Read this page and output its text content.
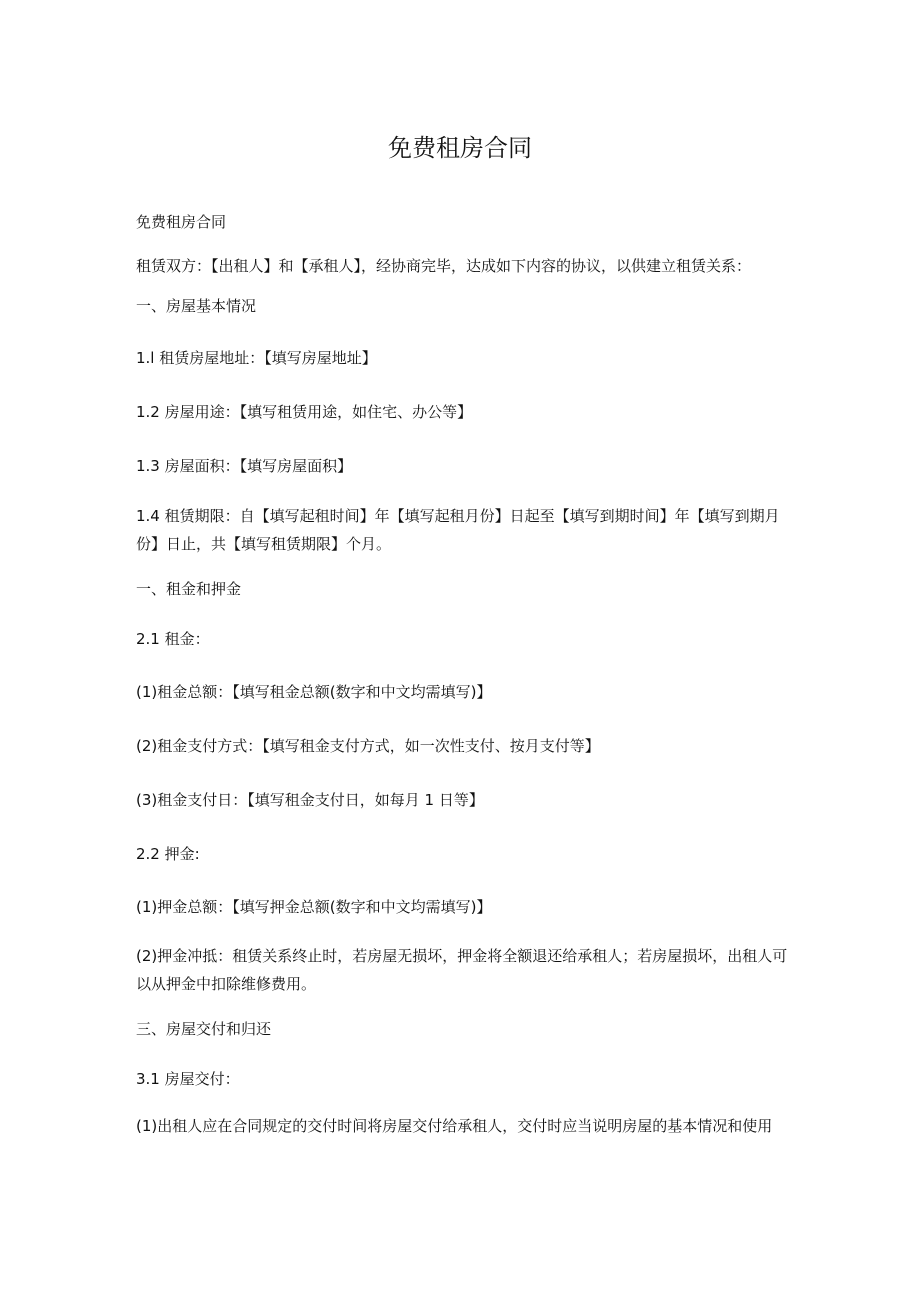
免费租房合同
免费租房合同
租赁双方：【出租人】和【承租人】，经协商完毕，达成如下内容的协议，以供建立租赁关系：
一、房屋基本情况
1.l 租赁房屋地址：【填写房屋地址】
1.2 房屋用途：【填写租赁用途，如住宅、办公等】
1.3 房屋面积：【填写房屋面积】
1.4 租赁期限：自【填写起租时间】年【填写起租月份】日起至【填写到期时间】年【填写到期月份】日止，共【填写租赁期限】个月。
一、租金和押金
2.1 租金：
(1)租金总额：【填写租金总额(数字和中文均需填写)】
(2)租金支付方式：【填写租金支付方式，如一次性支付、按月支付等】
(3)租金支付日：【填写租金支付日，如每月 1 日等】
2.2 押金:
(1)押金总额：【填写押金总额(数字和中文均需填写)】
(2)押金冲抵：租赁关系终止时，若房屋无损坏，押金将全额退还给承租人；若房屋损坏，出租人可以从押金中扣除维修费用。
三、房屋交付和归还
3.1 房屋交付：
(1)出租人应在合同规定的交付时间将房屋交付给承租人，交付时应当说明房屋的基本情况和使用
